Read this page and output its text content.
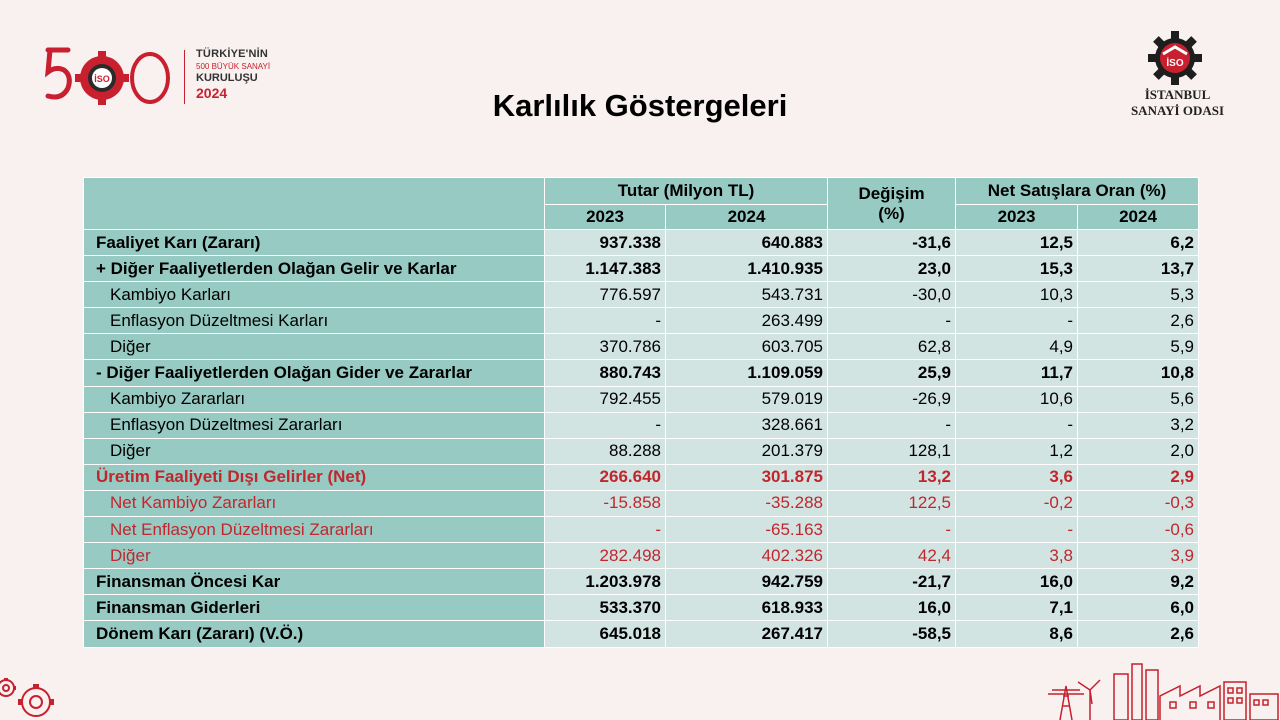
İSO
TÜRKİYE'NİN
500 BÜYÜK SANAYİ
KURULUŞU
2024
İSO
İSTANBUL
SANAYİ ODASI
Karlılık Göstergeleri
	Tutar (Milyon TL)		Değişim
(%)	Net Satışlara Oran (%)	
	2023	2024		2023	2024
Faaliyet Karı (Zararı)	937.338	640.883	-31,6	12,5	6,2
+ Diğer Faaliyetlerden Olağan Gelir ve Karlar	1.147.383	1.410.935	23,0	15,3	13,7
Kambiyo Karları	776.597	543.731	-30,0	10,3	5,3
Enflasyon Düzeltmesi Karları	-	263.499	-	-	2,6
Diğer	370.786	603.705	62,8	4,9	5,9
- Diğer Faaliyetlerden Olağan Gider ve Zararlar	880.743	1.109.059	25,9	11,7	10,8
Kambiyo Zararları	792.455	579.019	-26,9	10,6	5,6
Enflasyon Düzeltmesi Zararları	-	328.661	-	-	3,2
Diğer	88.288	201.379	128,1	1,2	2,0
Üretim Faaliyeti Dışı Gelirler (Net)	266.640	301.875	13,2	3,6	2,9
Net Kambiyo Zararları	-15.858	-35.288	122,5	-0,2	-0,3
Net Enflasyon Düzeltmesi Zararları	-	-65.163	-	-	-0,6
Diğer	282.498	402.326	42,4	3,8	3,9
Finansman Öncesi Kar	1.203.978	942.759	-21,7	16,0	9,2
Finansman Giderleri	533.370	618.933	16,0	7,1	6,0
Dönem Karı (Zararı) (V.Ö.)	645.018	267.417	-58,5	8,6	2,6
